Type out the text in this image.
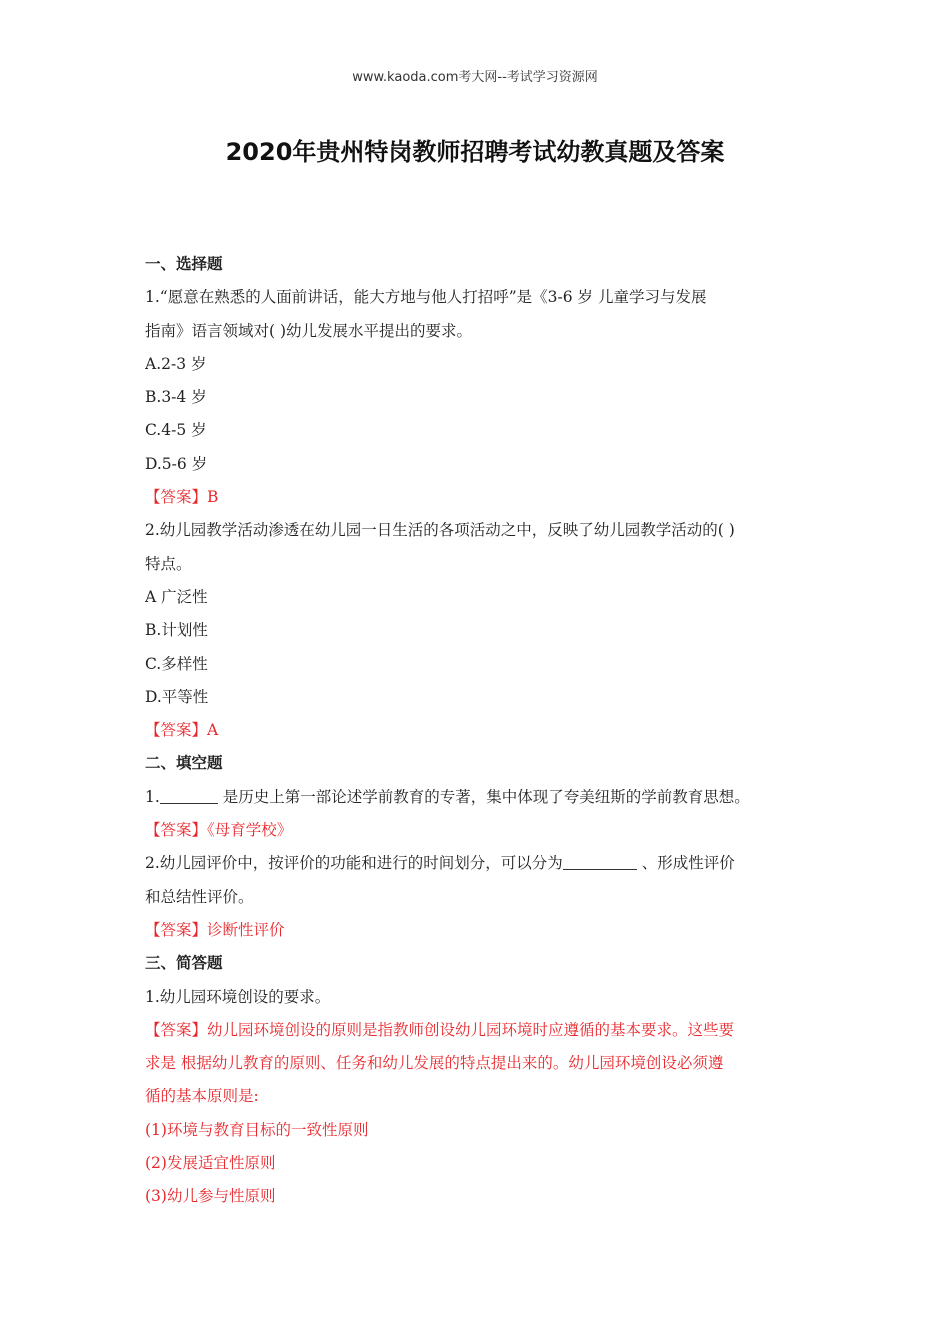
www.kaoda.com考大网--考试学习资源网
2020年贵州特岗教师招聘考试幼教真题及答案
一、选择题
1.“愿意在熟悉的人面前讲话，能大方地与他人打招呼”是《3-6 岁 儿童学习与发展
指南》语言领域对( )幼儿发展水平提出的要求。
A.2-3 岁
B.3-4 岁
C.4-5 岁
D.5-6 岁
【答案】B
2.幼儿园教学活动渗透在幼儿园一日生活的各项活动之中，反映了幼儿园教学活动的( )
特点。
A 广泛性
B.计划性
C.多样性
D.平等性
【答案】A
二、填空题
1.	是历史上第一部论述学前教育的专著，集中体现了夸美纽斯的学前教育思想。
【答案】《母育学校》
2.幼儿园评价中，按评价的功能和进行的时间划分，可以分为	、形成性评价
和总结性评价。
【答案】诊断性评价
三、简答题
1.幼儿园环境创设的要求。
【答案】幼儿园环境创设的原则是指教师创设幼儿园环境时应遵循的基本要求。这些要
求是 根据幼儿教育的原则、任务和幼儿发展的特点提出来的。幼儿园环境创设必须遵
循的基本原则是:
(1)环境与教育目标的一致性原则
(2)发展适宜性原则
(3)幼儿参与性原则
